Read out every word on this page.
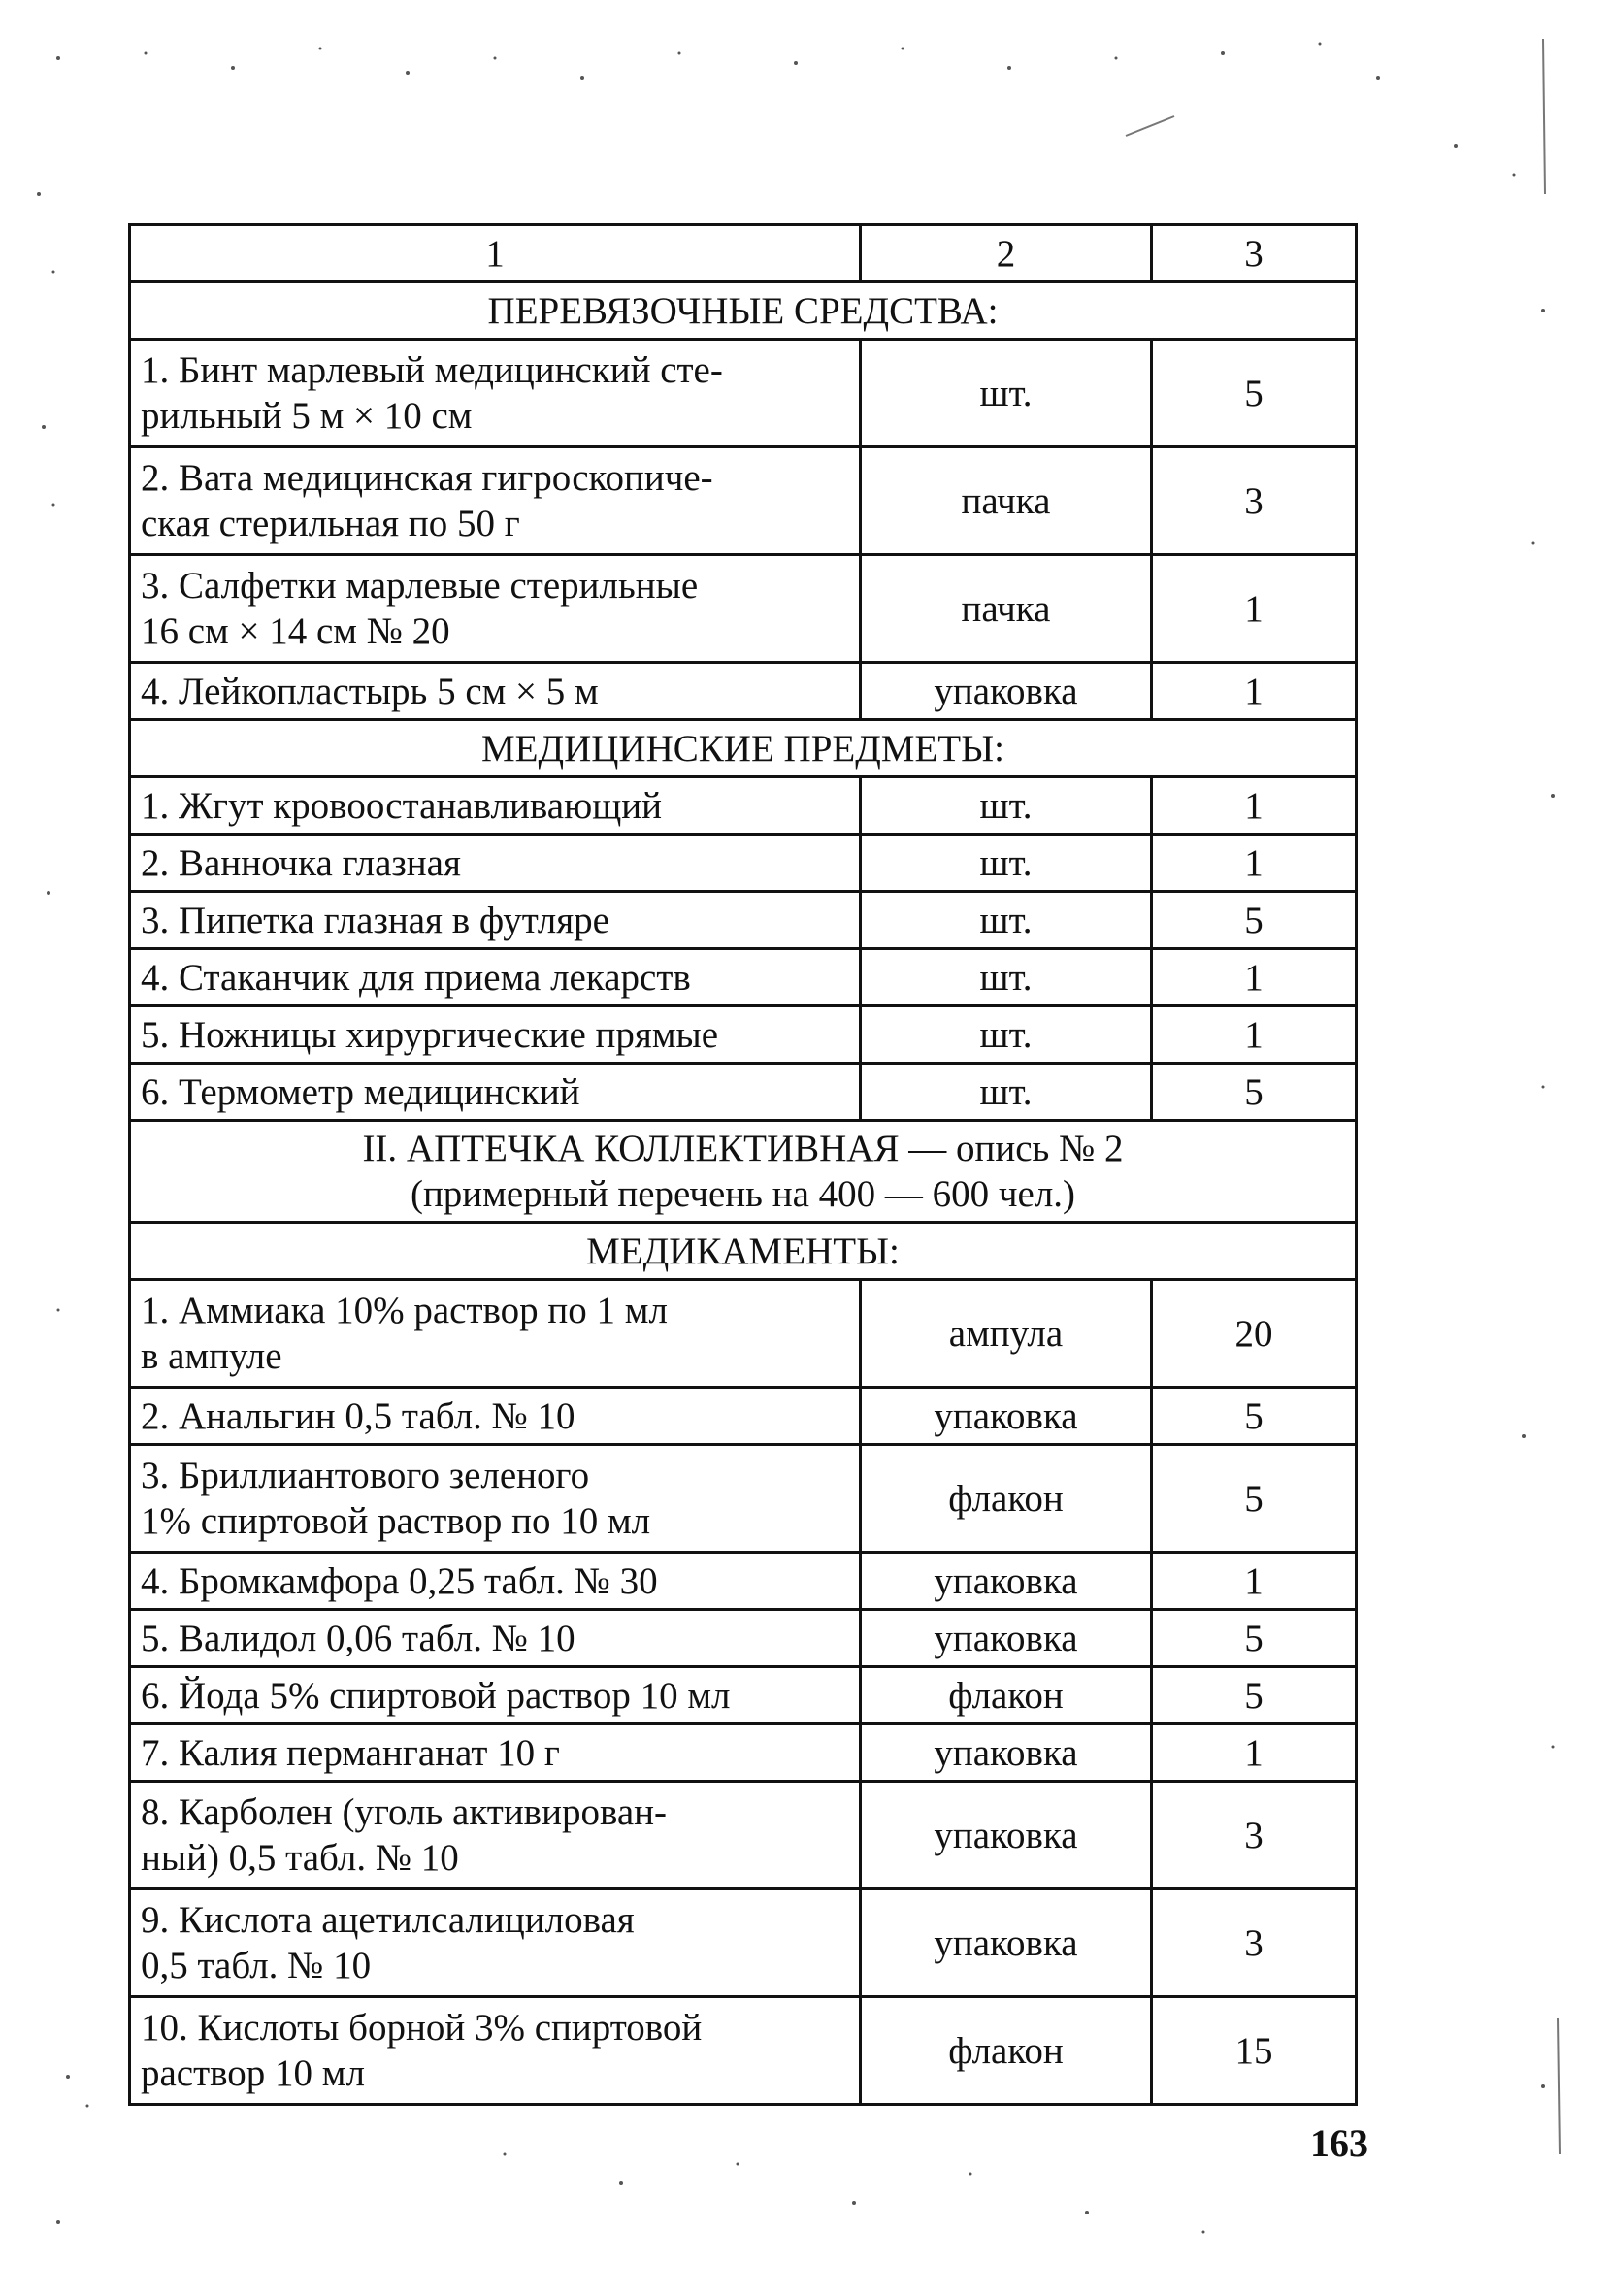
1	2	3
ПЕРЕВЯЗОЧНЫЕ СРЕДСТВА:		

1. Бинт марлевый медицинский сте-
рильный 5 м × 10 см	шт.	5

2. Вата медицинская гигроскопиче-
ская стерильная по 50 г	пачка	3

3. Салфетки марлевые стерильные
16 см × 14 см № 20	пачка	1

4. Лейкопластырь 5 см × 5 м	упаковка	1
МЕДИЦИНСКИЕ ПРЕДМЕТЫ:		

1. Жгут кровоостанавливающий	шт.	1

2. Ванночка глазная	шт.	1

3. Пипетка глазная в футляре	шт.	5

4. Стаканчик для приема лекарств	шт.	1

5. Ножницы хирургические прямые	шт.	1

6. Термометр медицинский	шт.	5

II. АПТЕЧКА КОЛЛЕКТИВНАЯ — опись № 2
(примерный перечень на 400 — 600 чел.)		

МЕДИКАМЕНТЫ:		

1. Аммиака 10% раствор по 1 мл
в ампуле	ампула	20

2. Анальгин 0,5 табл. № 10	упаковка	5

3. Бриллиантового зеленого
1% спиртовой раствор по 10 мл	флакон	5

4. Бромкамфора 0,25 табл. № 30	упаковка	1

5. Валидол 0,06 табл. № 10	упаковка	5

6. Йода 5% спиртовой раствор 10 мл	флакон	5

7. Калия перманганат 10 г	упаковка	1

8. Карболен (уголь активирован-
ный) 0,5 табл. № 10	упаковка	3

9. Кислота ацетилсалициловая
0,5 табл. № 10	упаковка	3

10. Кислоты борной 3% спиртовой
раствор 10 мл	флакон	15
163
